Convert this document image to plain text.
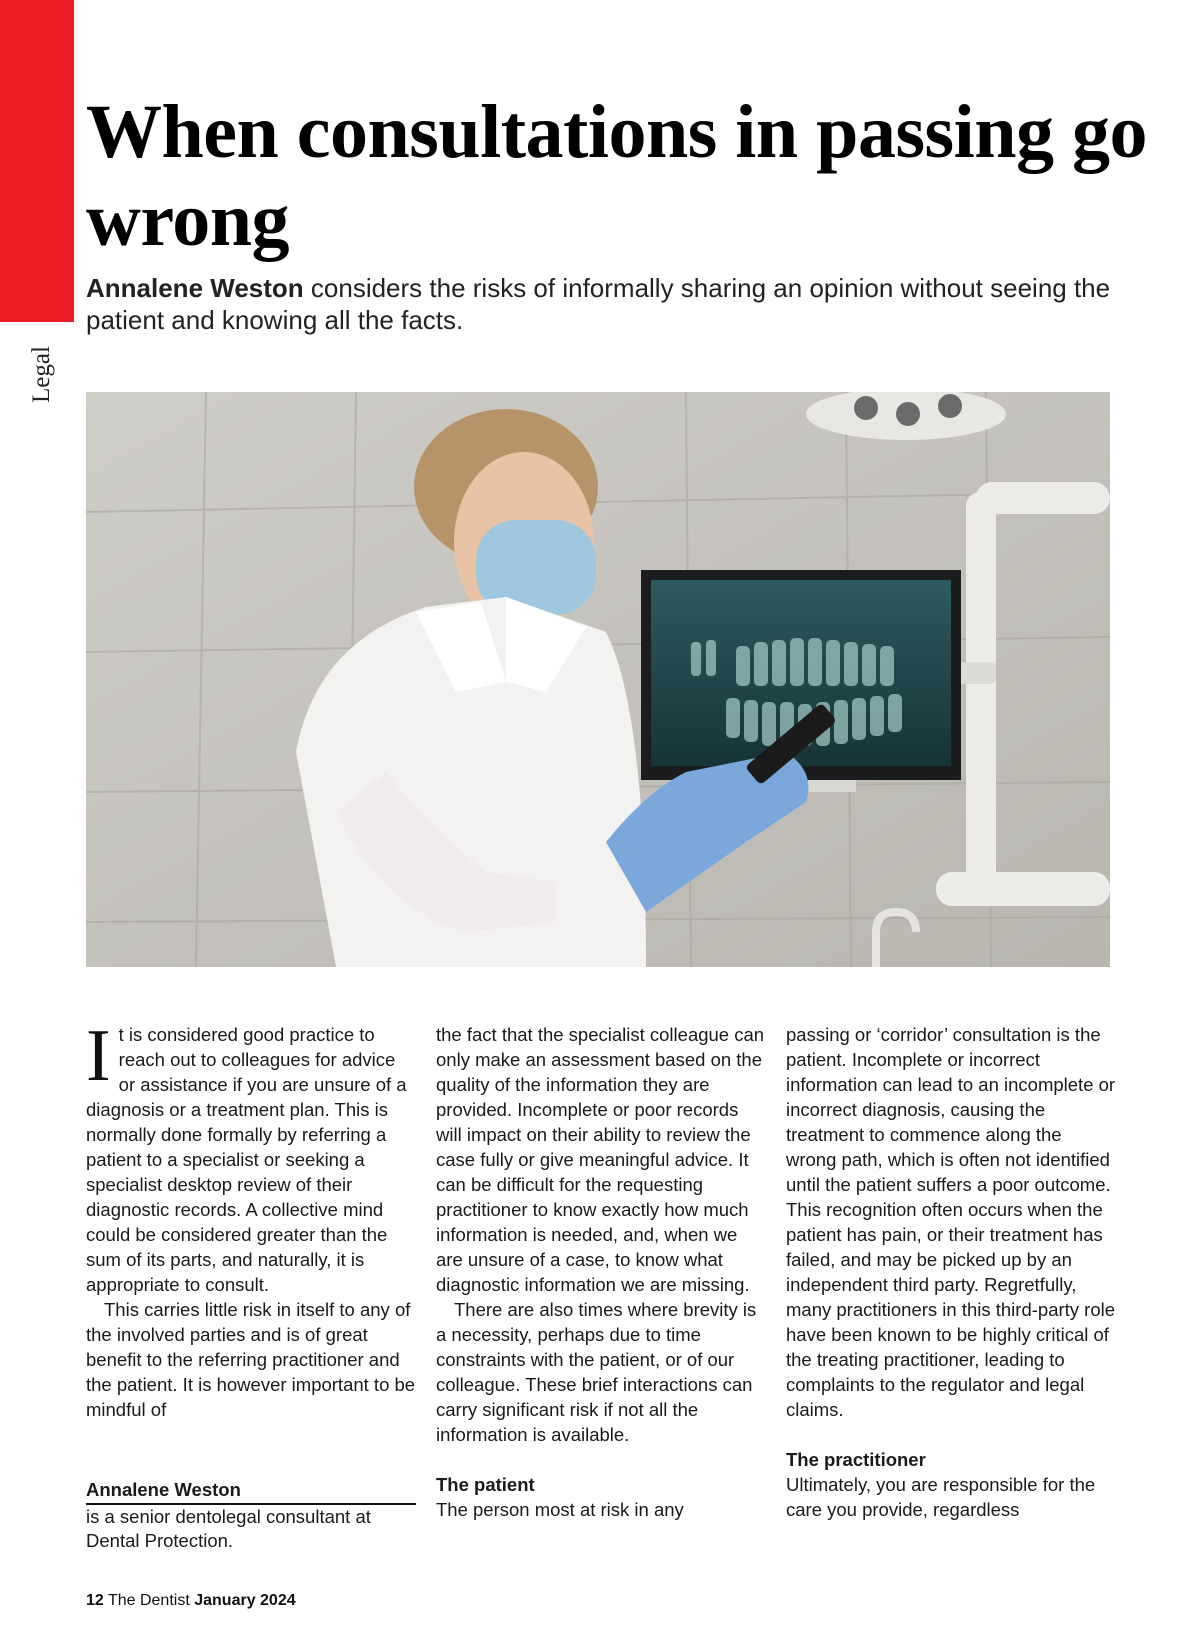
Legal
When consultations in passing go wrong

Annalene Weston considers the risks of informally sharing an opinion without seeing the patient and knowing all the facts.

It is considered good practice to reach out to colleagues for advice or assistance if you are unsure of a diagnosis or a treatment plan. This is normally done formally by referring a patient to a specialist or seeking a specialist desktop review of their diagnostic records. A collective mind could be considered greater than the sum of its parts, and naturally, it is appropriate to consult.

This carries little risk in itself to any of the involved parties and is of great benefit to the referring practitioner and the patient. It is however important to be mindful of

the fact that the specialist colleague can only make an assessment based on the quality of the information they are provided. Incomplete or poor records will impact on their ability to review the case fully or give meaningful advice. It can be difficult for the requesting practitioner to know exactly how much information is needed, and, when we are unsure of a case, to know what diagnostic information we are missing.

There are also times where brevity is a necessity, perhaps due to time constraints with the patient, or of our colleague. These brief interactions can carry significant risk if not all the information is available.

The patient

The person most at risk in any

passing or ‘corridor’ consultation is the patient. Incomplete or incorrect information can lead to an incomplete or incorrect diagnosis, causing the treatment to commence along the wrong path, which is often not identified until the patient suffers a poor outcome. This recognition often occurs when the patient has pain, or their treatment has failed, and may be picked up by an independent third party. Regretfully, many practitioners in this third-party role have been known to be highly critical of the treating practitioner, leading to complaints to the regulator and legal claims.

The practitioner

Ultimately, you are responsible for the care you provide, regardless

Annalene Weston
is a senior dentolegal consultant at Dental Protection.
12 The Dentist January 2024
